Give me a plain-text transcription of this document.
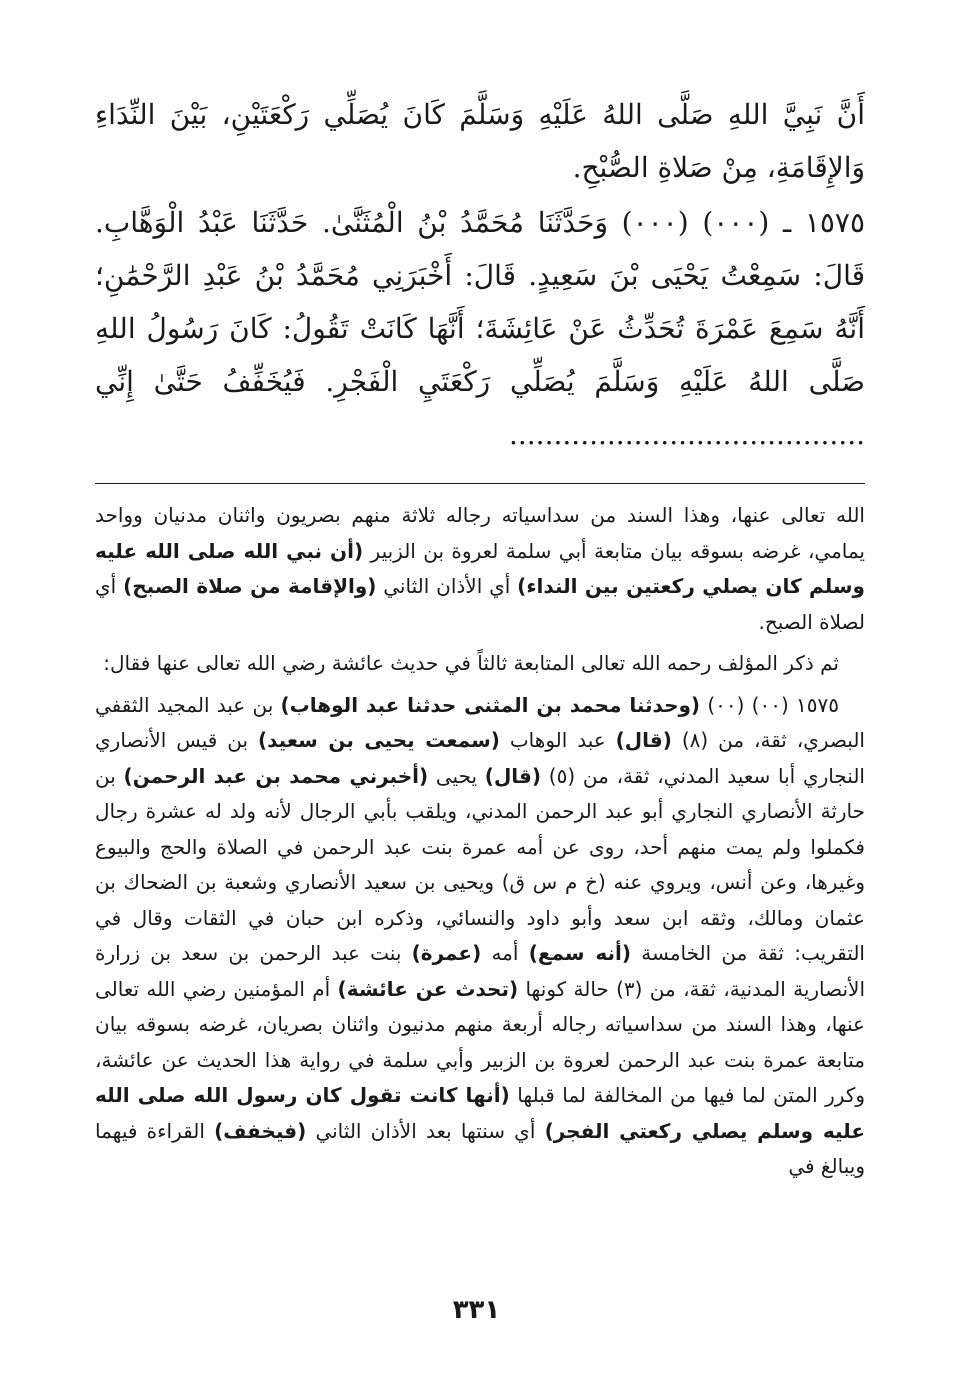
أَنَّ نَبِيَّ اللهِ صَلَّى اللهُ عَلَيْهِ وَسَلَّمَ كَانَ يُصَلِّي رَكْعَتَيْنِ، بَيْنَ النِّدَاءِ وَالإِقَامَةِ، مِنْ صَلاةِ الصُّبْحِ.

١٥٧٥ ـ (٠٠٠) (٠٠٠) وَحَدَّثَنَا مُحَمَّدُ بْنُ الْمُثَنَّىٰ. حَدَّثَنَا عَبْدُ الْوَهَّابِ. قَالَ: سَمِعْتُ يَحْيَى بْنَ سَعِيدٍ. قَالَ: أَخْبَرَنِي مُحَمَّدُ بْنُ عَبْدِ الرَّحْمَٰنِ؛ أَنَّهُ سَمِعَ عَمْرَةَ تُحَدِّثُ عَنْ عَائِشَةَ؛ أَنَّهَا كَانَتْ تَقُولُ: كَانَ رَسُولُ اللهِ صَلَّى اللهُ عَلَيْهِ وَسَلَّمَ يُصَلِّي رَكْعَتَيِ الْفَجْرِ. فَيُخَفِّفُ حَتَّىٰ إِنِّي ........................................

الله تعالى عنها، وهذا السند من سداسياته رجاله ثلاثة منهم بصريون واثنان مدنيان وواحد يمامي، غرضه بسوقه بيان متابعة أبي سلمة لعروة بن الزبير (أن نبي الله صلى الله عليه وسلم كان يصلي ركعتين بين النداء) أي الأذان الثاني (والإقامة من صلاة الصبح) أي لصلاة الصبح.

ثم ذكر المؤلف رحمه الله تعالى المتابعة ثالثاً في حديث عائشة رضي الله تعالى عنها فقال:

١٥٧٥ (٠٠) (٠٠) (وحدثنا محمد بن المثنى حدثنا عبد الوهاب) بن عبد المجيد الثقفي البصري، ثقة، من (٨) (قال) عبد الوهاب (سمعت يحيى بن سعيد) بن قيس الأنصاري النجاري أبا سعيد المدني، ثقة، من (٥) (قال) يحيى (أخبرني محمد بن عبد الرحمن) بن حارثة الأنصاري النجاري أبو عبد الرحمن المدني، ويلقب بأبي الرجال لأنه ولد له عشرة رجال فكملوا ولم يمت منهم أحد، روى عن أمه عمرة بنت عبد الرحمن في الصلاة والحج والبيوع وغيرها، وعن أنس، ويروي عنه (خ م س ق) ويحيى بن سعيد الأنصاري وشعبة بن الضحاك بن عثمان ومالك، وثقه ابن سعد وأبو داود والنسائي، وذكره ابن حبان في الثقات وقال في التقريب: ثقة من الخامسة (أنه سمع) أمه (عمرة) بنت عبد الرحمن بن سعد بن زرارة الأنصارية المدنية، ثقة، من (٣) حالة كونها (تحدث عن عائشة) أم المؤمنين رضي الله تعالى عنها، وهذا السند من سداسياته رجاله أربعة منهم مدنيون واثنان بصريان، غرضه بسوقه بيان متابعة عمرة بنت عبد الرحمن لعروة بن الزبير وأبي سلمة في رواية هذا الحديث عن عائشة، وكرر المتن لما فيها من المخالفة لما قبلها (أنها كانت تقول كان رسول الله صلى الله عليه وسلم يصلي ركعتي الفجر) أي سنتها بعد الأذان الثاني (فيخفف) القراءة فيهما ويبالغ في

٣٣١
